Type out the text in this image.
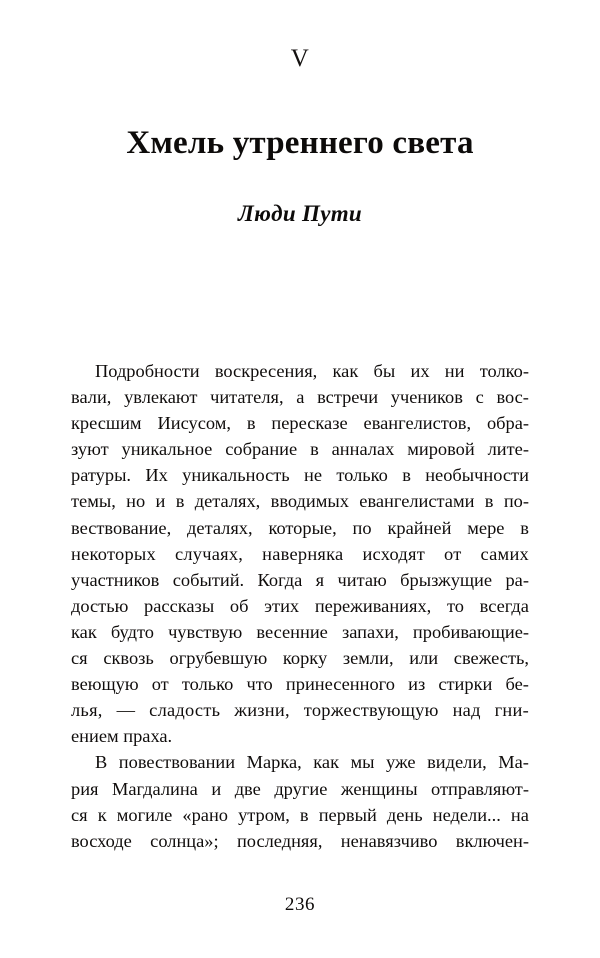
V
Хмель утреннего света
Люди Пути

Подробности воскресения, как бы их ни толко-
вали, увлекают читателя, а встречи учеников с вос-
кресшим Иисусом, в пересказе евангелистов, обра-
зуют уникальное собрание в анналах мировой лите-
ратуры. Их уникальность не только в необычности
темы, но и в деталях, вводимых евангелистами в по-
вествование, деталях, которые, по крайней мере в
некоторых случаях, наверняка исходят от самих
участников событий. Когда я читаю брызжущие ра-
достью рассказы об этих переживаниях, то всегда
как будто чувствую весенние запахи, пробивающие-
ся сквозь огрубевшую корку земли, или свежесть,
веющую от только что принесенного из стирки бе-
лья, — сладость жизни, торжествующую над гни-
ением праха.

В повествовании Марка, как мы уже видели, Ма-
рия Магдалина и две другие женщины отправляют-
ся к могиле «рано утром, в первый день недели... на
восходе солнца»; последняя, ненавязчиво включен-

236
